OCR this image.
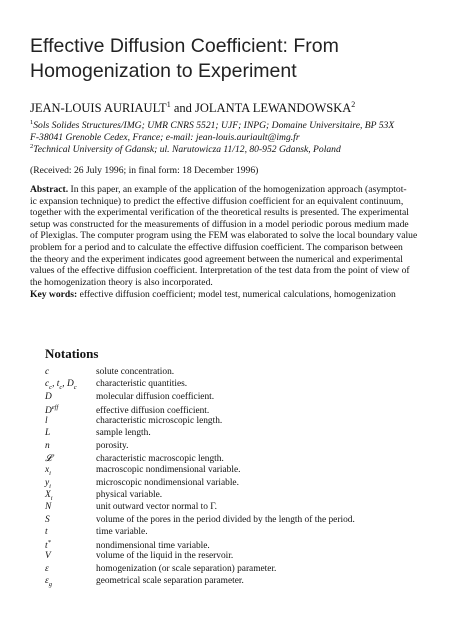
Effective Diffusion Coefficient: From
Homogenization to Experiment
JEAN-LOUIS AURIAULT$^1$ and JOLANTA LEWANDOWSKA$^2$
$^1$Sols Solides Structures/IMG; UMR CNRS 5521; UJF; INPG; Domaine Universitaire, BP 53X
F-38041 Grenoble Cedex, France; e-mail: jean-louis.auriault@img.fr
$^2$Technical University of Gdansk; ul. Narutowicza 11/12, 80-952 Gdansk, Poland
(Received: 26 July 1996; in final form: 18 December 1996)
Abstract. In this paper, an example of the application of the homogenization approach (asymptot-
ic expansion technique) to predict the effective diffusion coefficient for an equivalent continuum,
together with the experimental verification of the theoretical results is presented. The experimental
setup was constructed for the measurements of diffusion in a model periodic porous medium made
of Plexiglas. The computer program using the FEM was elaborated to solve the local boundary value
problem for a period and to calculate the effective diffusion coefficient. The comparison between
the theory and the experiment indicates good agreement between the numerical and experimental
values of the effective diffusion coefficient. Interpretation of the test data from the point of view of
the homogenization theory is also incorporated.
Key words: effective diffusion coefficient; model test, numerical calculations, homogenization
Notations
c	solute concentration.
$c_c$, $t_c$, $D_c$	characteristic quantities.
D	molecular diffusion coefficient.
$D^{eff}$	effective diffusion coefficient.
l	characteristic microscopic length.
L	sample length.
n	porosity.
𝓛	characteristic macroscopic length.
$x_i$	macroscopic nondimensional variable.
$y_i$	microscopic nondimensional variable.
$X_i$	physical variable.
N	unit outward vector normal to Γ.
S	volume of the pores in the period divided by the length of the period.
t	time variable.
t*	nondimensional time variable.
V	volume of the liquid in the reservoir.
ε	homogenization (or scale separation) parameter.
$\varepsilon_g$	geometrical scale separation parameter.
